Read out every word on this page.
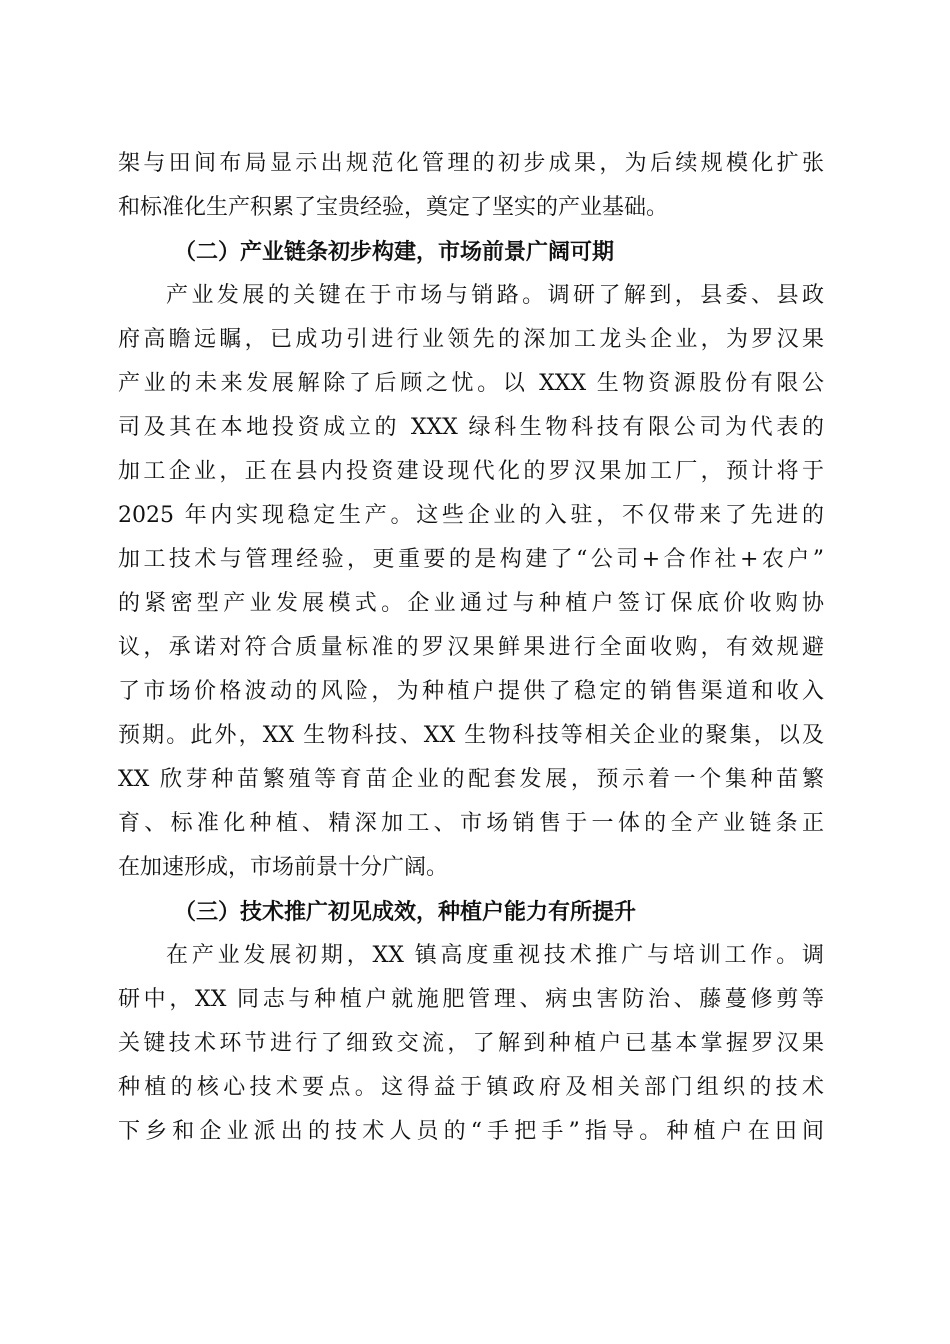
架与田间布局显示出规范化管理的初步成果，为后续规模化扩张
和标准化生产积累了宝贵经验，奠定了坚实的产业基础。
（二）产业链条初步构建，市场前景广阔可期
产业发展的关键在于市场与销路。调研了解到，县委、县政
府高瞻远瞩，已成功引进行业领先的深加工龙头企业，为罗汉果
产业的未来发展解除了后顾之忧。以 XXX 生物资源股份有限公
司及其在本地投资成立的 XXX 绿科生物科技有限公司为代表的
加工企业，正在县内投资建设现代化的罗汉果加工厂，预计将于
2025 年内实现稳定生产。这些企业的入驻，不仅带来了先进的
加工技术与管理经验，更重要的是构建了“公司+合作社+农户”
的紧密型产业发展模式。企业通过与种植户签订保底价收购协
议，承诺对符合质量标准的罗汉果鲜果进行全面收购，有效规避
了市场价格波动的风险，为种植户提供了稳定的销售渠道和收入
预期。此外，XX 生物科技、XX 生物科技等相关企业的聚集，以及
XX 欣芽种苗繁殖等育苗企业的配套发展，预示着一个集种苗繁
育、标准化种植、精深加工、市场销售于一体的全产业链条正
在加速形成，市场前景十分广阔。
（三）技术推广初见成效，种植户能力有所提升
在产业发展初期，XX 镇高度重视技术推广与培训工作。调
研中，XX 同志与种植户就施肥管理、病虫害防治、藤蔓修剪等
关键技术环节进行了细致交流，了解到种植户已基本掌握罗汉果
种植的核心技术要点。这得益于镇政府及相关部门组织的技术
下乡和企业派出的技术人员的“手把手”指导。种植户在田间
